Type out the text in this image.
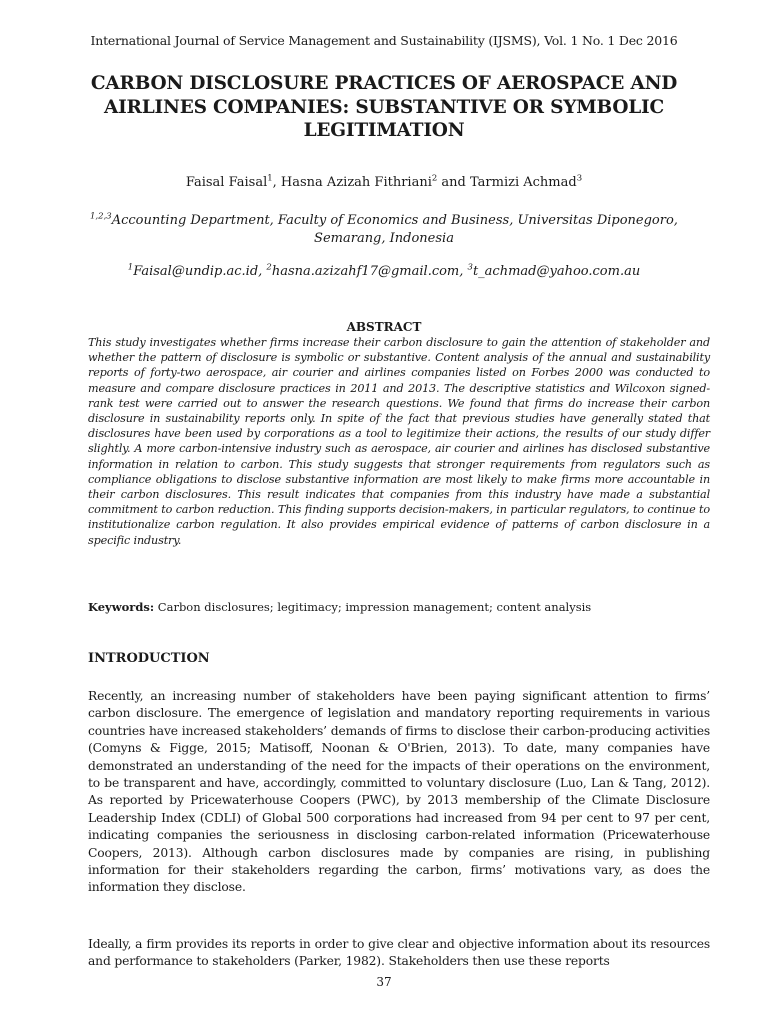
International Journal of Service Management and Sustainability (IJSMS), Vol. 1 No. 1 Dec 2016
CARBON DISCLOSURE PRACTICES OF AEROSPACE AND AIRLINES COMPANIES: SUBSTANTIVE OR SYMBOLIC LEGITIMATION
Faisal Faisal$^1$, Hasna Azizah Fithriani$^2$ and Tarmizi Achmad$^3$
$^{1,2,3}$Accounting Department, Faculty of Economics and Business, Universitas Diponegoro, Semarang, Indonesia
$^1$Faisal@undip.ac.id, $^2$hasna.azizahf17@gmail.com, $^3$t_achmad@yahoo.com.au
ABSTRACT
This study investigates whether firms increase their carbon disclosure to gain the attention of stakeholder and whether the pattern of disclosure is symbolic or substantive. Content analysis of the annual and sustainability reports of forty-two aerospace, air courier and airlines companies listed on Forbes 2000 was conducted to measure and compare disclosure practices in 2011 and 2013. The descriptive statistics and Wilcoxon signed-rank test were carried out to answer the research questions. We found that firms do increase their carbon disclosure in sustainability reports only. In spite of the fact that previous studies have generally stated that disclosures have been used by corporations as a tool to legitimize their actions, the results of our study differ slightly. A more carbon-intensive industry such as aerospace, air courier and airlines has disclosed substantive information in relation to carbon. This study suggests that stronger requirements from regulators such as compliance obligations to disclose substantive information are most likely to make firms more accountable in their carbon disclosures. This result indicates that companies from this industry have made a substantial commitment to carbon reduction. This finding supports decision-makers, in particular regulators, to continue to institutionalize carbon regulation. It also provides empirical evidence of patterns of carbon disclosure in a specific industry.
Keywords: Carbon disclosures; legitimacy; impression management; content analysis
INTRODUCTION
Recently, an increasing number of stakeholders have been paying significant attention to firms’ carbon disclosure. The emergence of legislation and mandatory reporting requirements in various countries have increased stakeholders’ demands of firms to disclose their carbon-producing activities (Comyns & Figge, 2015; Matisoff, Noonan & O'Brien, 2013). To date, many companies have demonstrated an understanding of the need for the impacts of their operations on the environment, to be transparent and have, accordingly, committed to voluntary disclosure (Luo, Lan & Tang, 2012). As reported by Pricewaterhouse Coopers (PWC), by 2013 membership of the Climate Disclosure Leadership Index (CDLI) of Global 500 corporations had increased from 94 per cent to 97 per cent, indicating companies the seriousness in disclosing carbon-related information (Pricewaterhouse Coopers, 2013). Although carbon disclosures made by companies are rising, in publishing information for their stakeholders regarding the carbon, firms’ motivations vary, as does the information they disclose.
Ideally, a firm provides its reports in order to give clear and objective information about its resources and performance to stakeholders (Parker, 1982). Stakeholders then use these reports
37
